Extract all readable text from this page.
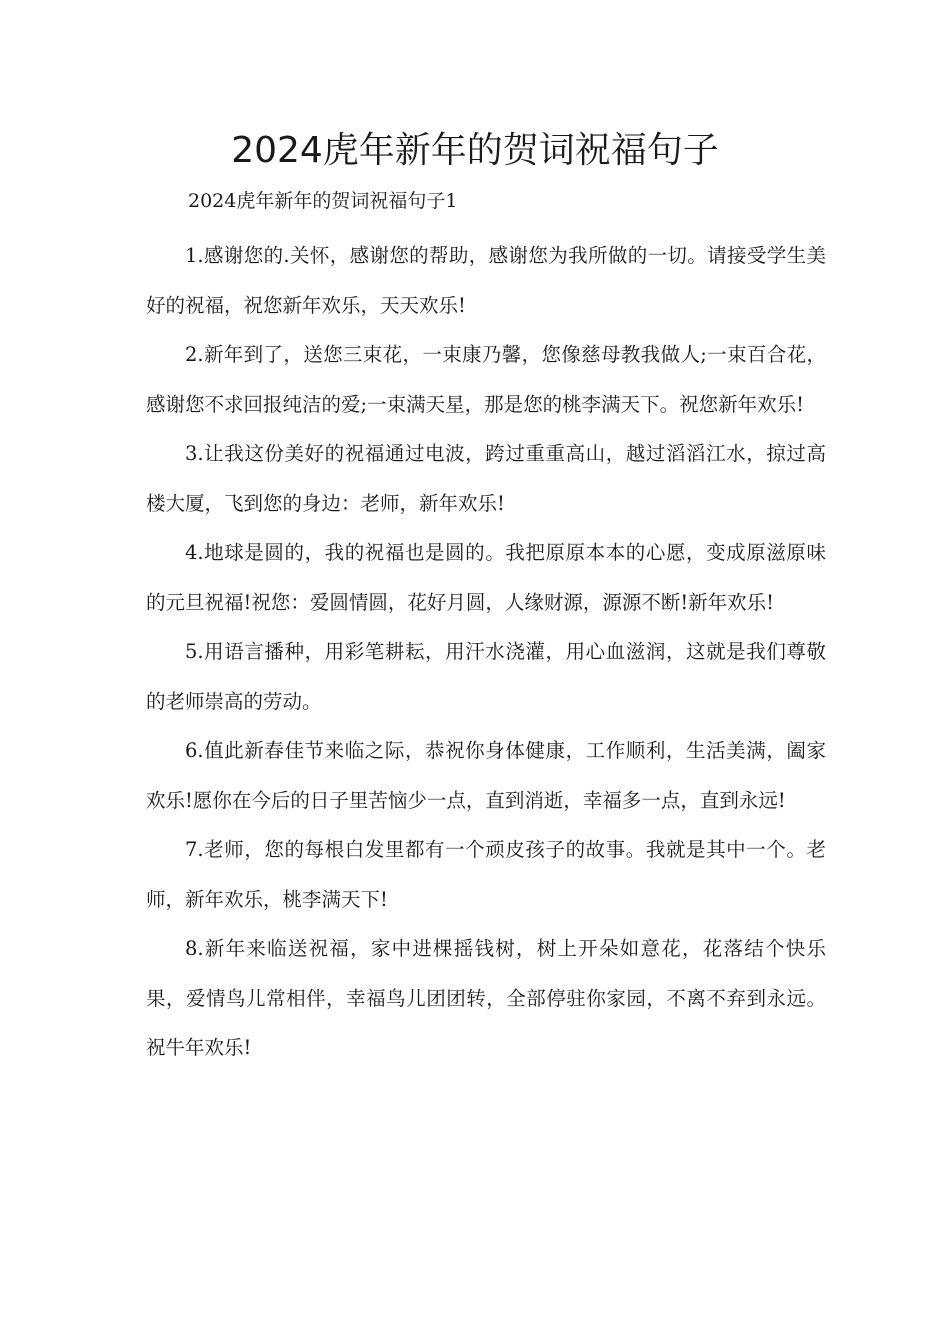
2024虎年新年的贺词祝福句子

2024虎年新年的贺词祝福句子1

1.感谢您的.关怀，感谢您的帮助，感谢您为我所做的一切。请接受学生美好的祝福，祝您新年欢乐，天天欢乐!

2.新年到了，送您三束花，一束康乃馨，您像慈母教我做人;一束百合花，感谢您不求回报纯洁的爱;一束满天星，那是您的桃李满天下。祝您新年欢乐!

3.让我这份美好的祝福通过电波，跨过重重高山，越过滔滔江水，掠过高楼大厦，飞到您的身边：老师，新年欢乐!

4.地球是圆的，我的祝福也是圆的。我把原原本本的心愿，变成原滋原味的元旦祝福!祝您：爱圆情圆，花好月圆，人缘财源，源源不断!新年欢乐!

5.用语言播种，用彩笔耕耘，用汗水浇灌，用心血滋润，这就是我们尊敬的老师崇高的劳动。

6.值此新春佳节来临之际，恭祝你身体健康，工作顺利，生活美满，阖家欢乐!愿你在今后的日子里苦恼少一点，直到消逝，幸福多一点，直到永远!

7.老师，您的每根白发里都有一个顽皮孩子的故事。我就是其中一个。老师，新年欢乐，桃李满天下!

8.新年来临送祝福，家中进棵摇钱树，树上开朵如意花，花落结个快乐果，爱情鸟儿常相伴，幸福鸟儿团团转，全部停驻你家园，不离不弃到永远。祝牛年欢乐!
